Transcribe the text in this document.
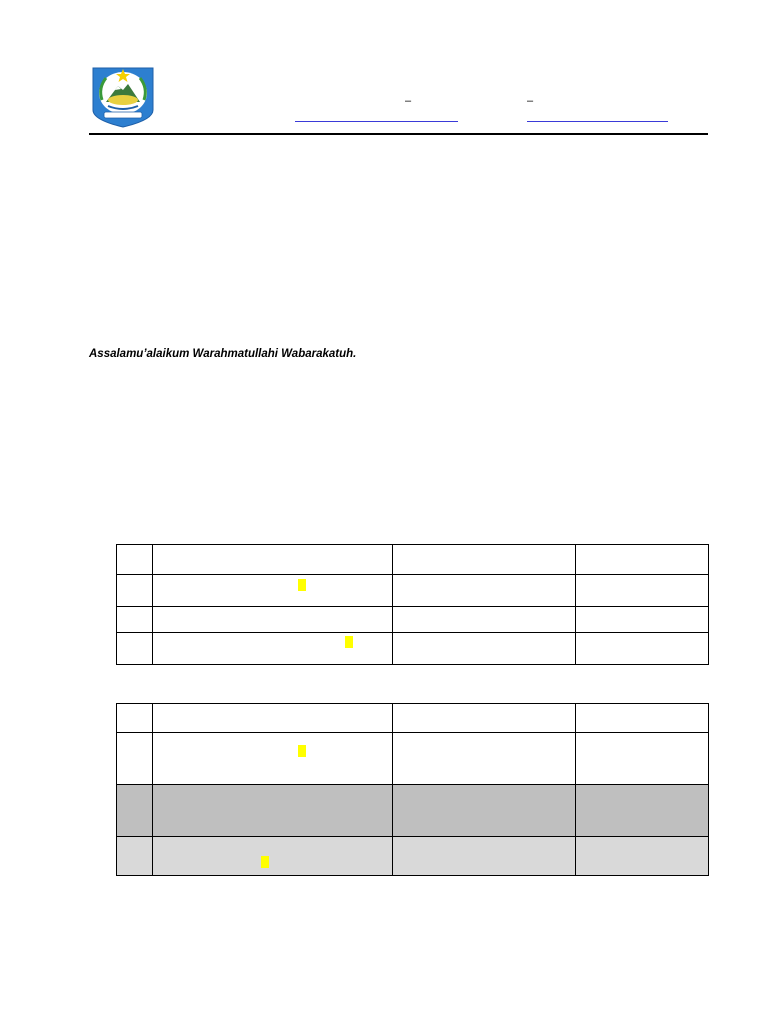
–	–
Assalamu’alaikum Warahmatullahi Wabarakatuh.
